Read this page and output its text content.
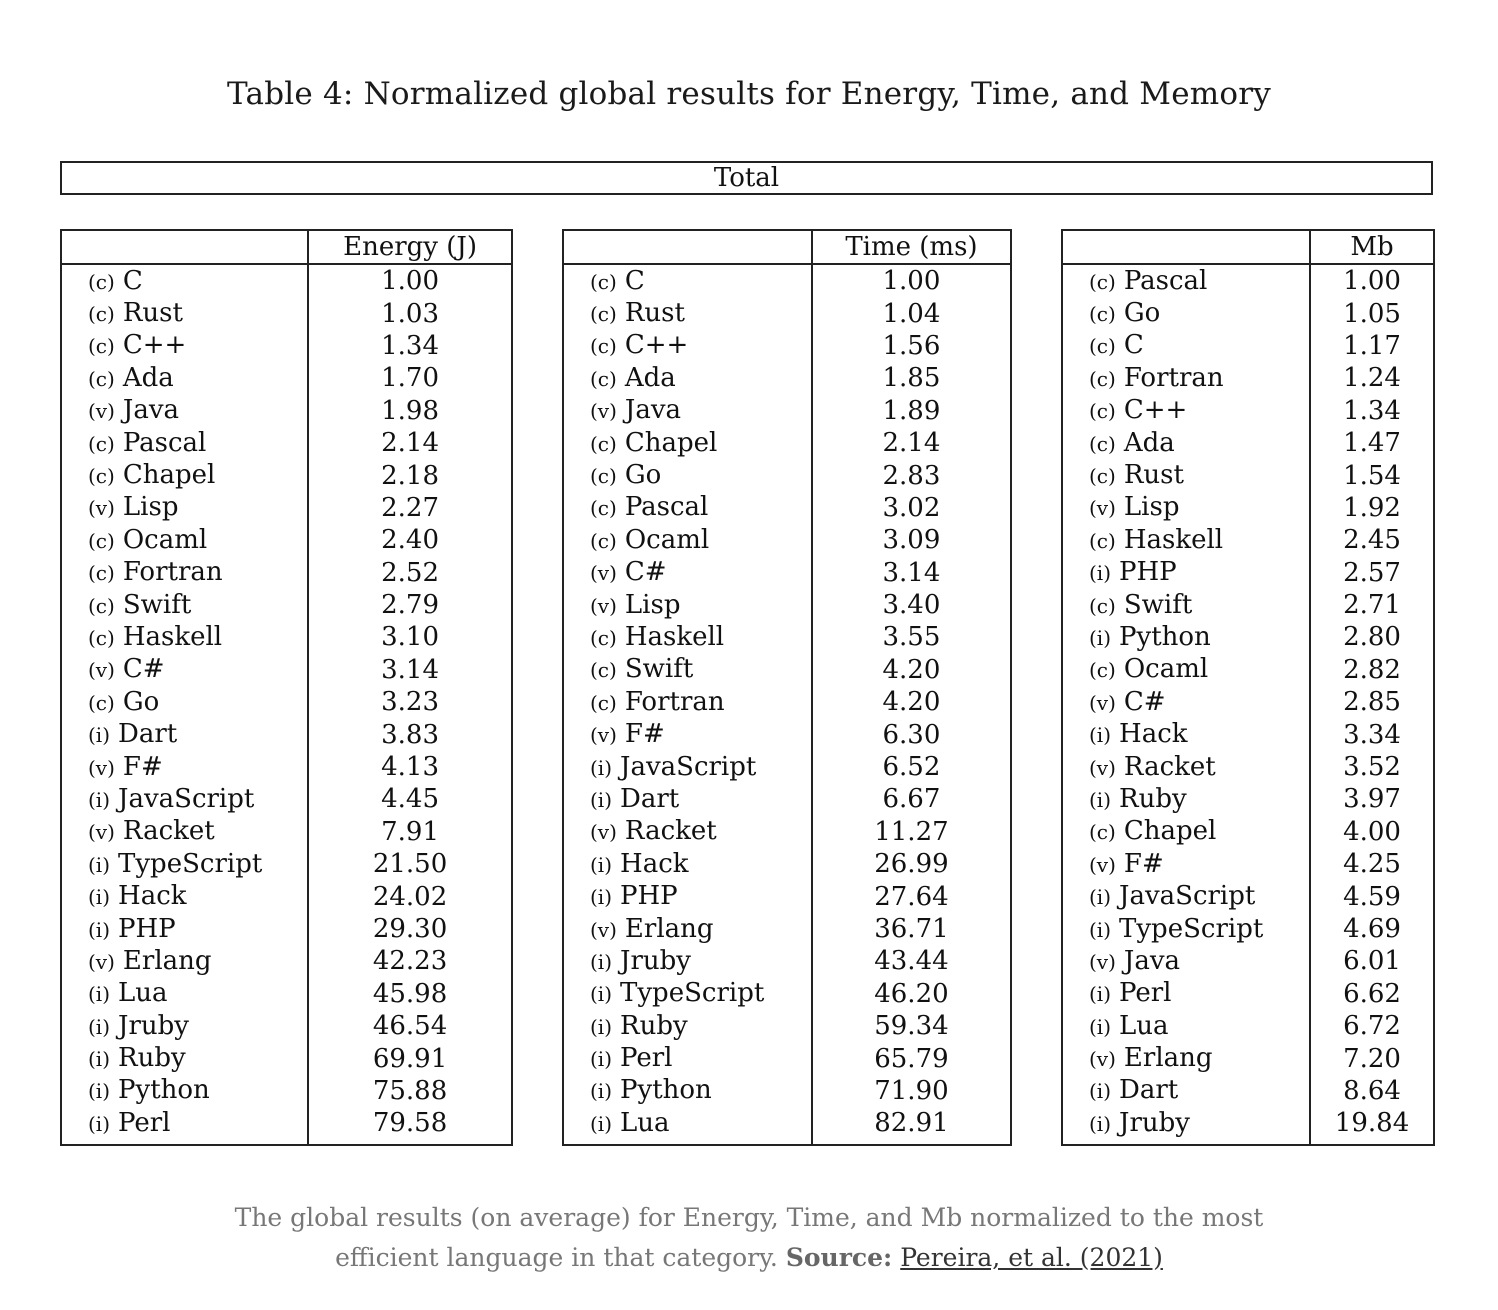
Table 4: Normalized global results for Energy, Time, and Memory
Total
	Energy (J)
(c) C	1.00
(c) Rust	1.03
(c) C++	1.34
(c) Ada	1.70
(v) Java	1.98
(c) Pascal	2.14
(c) Chapel	2.18
(v) Lisp	2.27
(c) Ocaml	2.40
(c) Fortran	2.52
(c) Swift	2.79
(c) Haskell	3.10
(v) C#	3.14
(c) Go	3.23
(i) Dart	3.83
(v) F#	4.13
(i) JavaScript	4.45
(v) Racket	7.91
(i) TypeScript	21.50
(i) Hack	24.02
(i) PHP	29.30
(v) Erlang	42.23
(i) Lua	45.98
(i) Jruby	46.54
(i) Ruby	69.91
(i) Python	75.88
(i) Perl	79.58
	Time (ms)
(c) C	1.00
(c) Rust	1.04
(c) C++	1.56
(c) Ada	1.85
(v) Java	1.89
(c) Chapel	2.14
(c) Go	2.83
(c) Pascal	3.02
(c) Ocaml	3.09
(v) C#	3.14
(v) Lisp	3.40
(c) Haskell	3.55
(c) Swift	4.20
(c) Fortran	4.20
(v) F#	6.30
(i) JavaScript	6.52
(i) Dart	6.67
(v) Racket	11.27
(i) Hack	26.99
(i) PHP	27.64
(v) Erlang	36.71
(i) Jruby	43.44
(i) TypeScript	46.20
(i) Ruby	59.34
(i) Perl	65.79
(i) Python	71.90
(i) Lua	82.91
	Mb
(c) Pascal	1.00
(c) Go	1.05
(c) C	1.17
(c) Fortran	1.24
(c) C++	1.34
(c) Ada	1.47
(c) Rust	1.54
(v) Lisp	1.92
(c) Haskell	2.45
(i) PHP	2.57
(c) Swift	2.71
(i) Python	2.80
(c) Ocaml	2.82
(v) C#	2.85
(i) Hack	3.34
(v) Racket	3.52
(i) Ruby	3.97
(c) Chapel	4.00
(v) F#	4.25
(i) JavaScript	4.59
(i) TypeScript	4.69
(v) Java	6.01
(i) Perl	6.62
(i) Lua	6.72
(v) Erlang	7.20
(i) Dart	8.64
(i) Jruby	19.84
The global results (on average) for Energy, Time, and Mb normalized to the most
efficient language in that category. Source: Pereira, et al. (2021)
